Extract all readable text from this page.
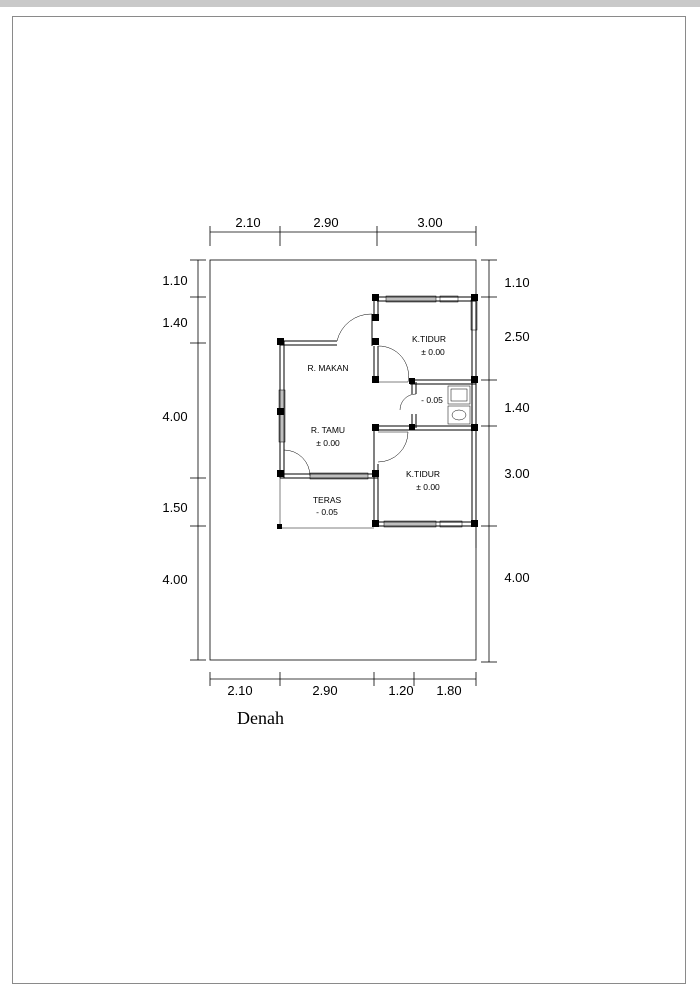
2.10	2.90	3.00
2.10	2.90	1.20 1.80
1.10
1.40
4.00
1.50
4.00
1.10
2.50
1.40
3.00
4.00
K.TIDUR
± 0.00
R. MAKAN
- 0.05
R. TAMU
± 0.00
K.TIDUR
± 0.00
TERAS
- 0.05
Denah
